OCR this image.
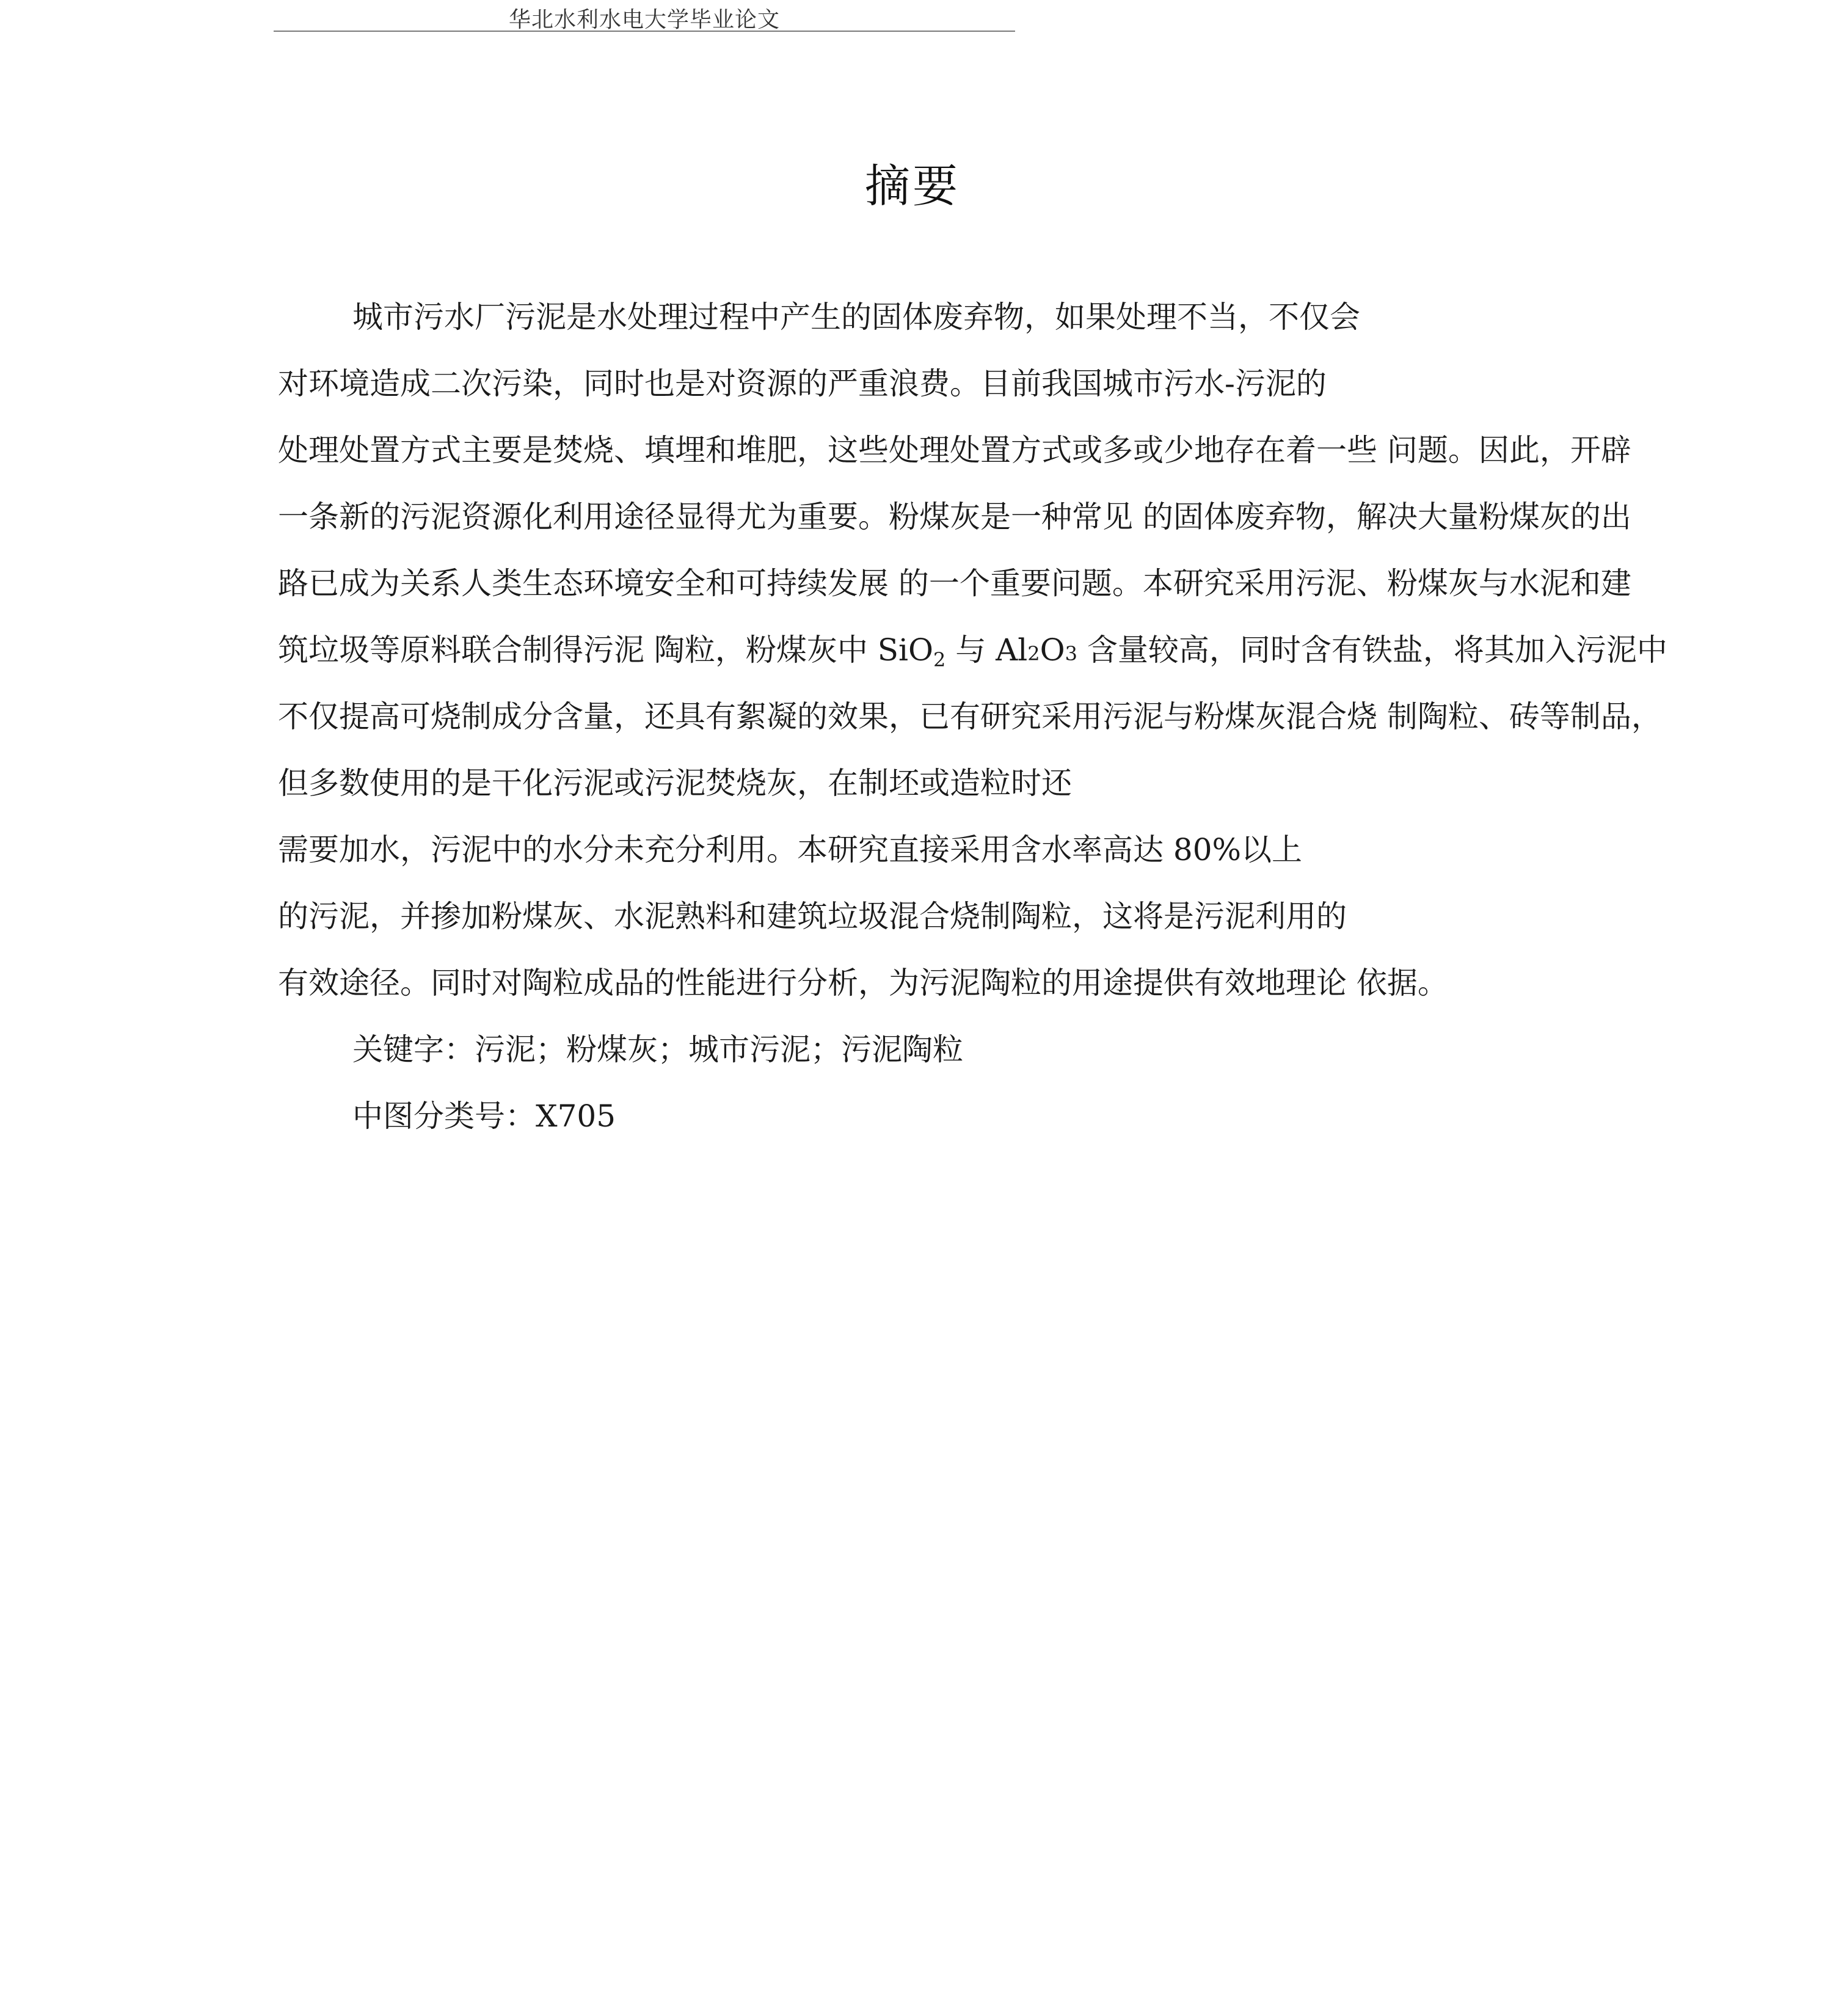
华北水利水电大学毕业论文
摘要
城市污水厂污泥是水处理过程中产生的固体废弃物，如果处理不当，不仅会
对环境造成二次污染，同时也是对资源的严重浪费。目前我国城市污水-污泥的
处理处置方式主要是焚烧、填埋和堆肥，这些处理处置方式或多或少地存在着一些 问题。因此，开辟
一条新的污泥资源化利用途径显得尤为重要。粉煤灰是一种常见 的固体废弃物，解决大量粉煤灰的出
路已成为关系人类生态环境安全和可持续发展 的一个重要问题。本研究采用污泥、粉煤灰与水泥和建
筑垃圾等原料联合制得污泥 陶粒，粉煤灰中 SiO$_2$ 与 Al2O3 含量较高，同时含有铁盐，将其加入污泥中
不仅提高可烧制成分含量，还具有絮凝的效果，已有研究采用污泥与粉煤灰混合烧 制陶粒、砖等制品，
但多数使用的是干化污泥或污泥焚烧灰，在制坯或造粒时还
需要加水，污泥中的水分未充分利用。本研究直接采用含水率高达 80%以上
的污泥，并掺加粉煤灰、水泥熟料和建筑垃圾混合烧制陶粒，这将是污泥利用的
有效途径。同时对陶粒成品的性能进行分析，为污泥陶粒的用途提供有效地理论 依据。
关键字：污泥；粉煤灰；城市污泥；污泥陶粒
中图分类号：X705
